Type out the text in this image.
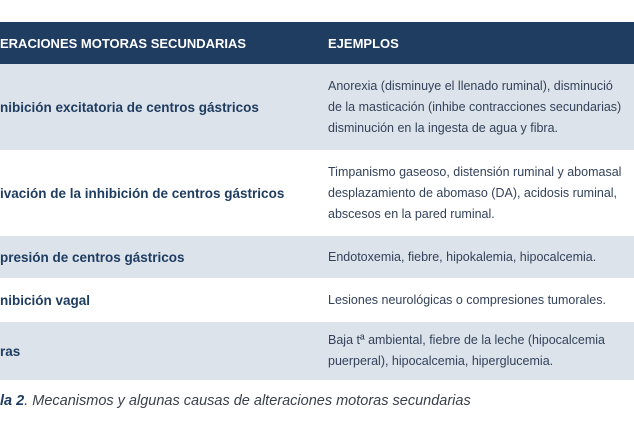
ERACIONES MOTORAS SECUNDARIAS	EJEMPLOS
nibición excitatoria de centros gástricos	Anorexia (disminuye el llenado ruminal), disminució
de la masticación (inhibe contracciones secundarias)
disminución en la ingesta de agua y fibra.

ivación de la inhibición de centros gástricos	Timpanismo gaseoso, distensión ruminal y abomasal
desplazamiento de abomaso (DA), acidosis ruminal,
abscesos en la pared ruminal.

presión de centros gástricos	Endotoxemia, fiebre, hipokalemia, hipocalcemia.

nibición vagal	Lesiones neurológicas o compresiones tumorales.

ras	Baja tª ambiental, fiebre de la leche (hipocalcemia
puerperal), hipocalcemia, hiperglucemia.
la 2. Mecanismos y algunas causas de alteraciones motoras secundarias
